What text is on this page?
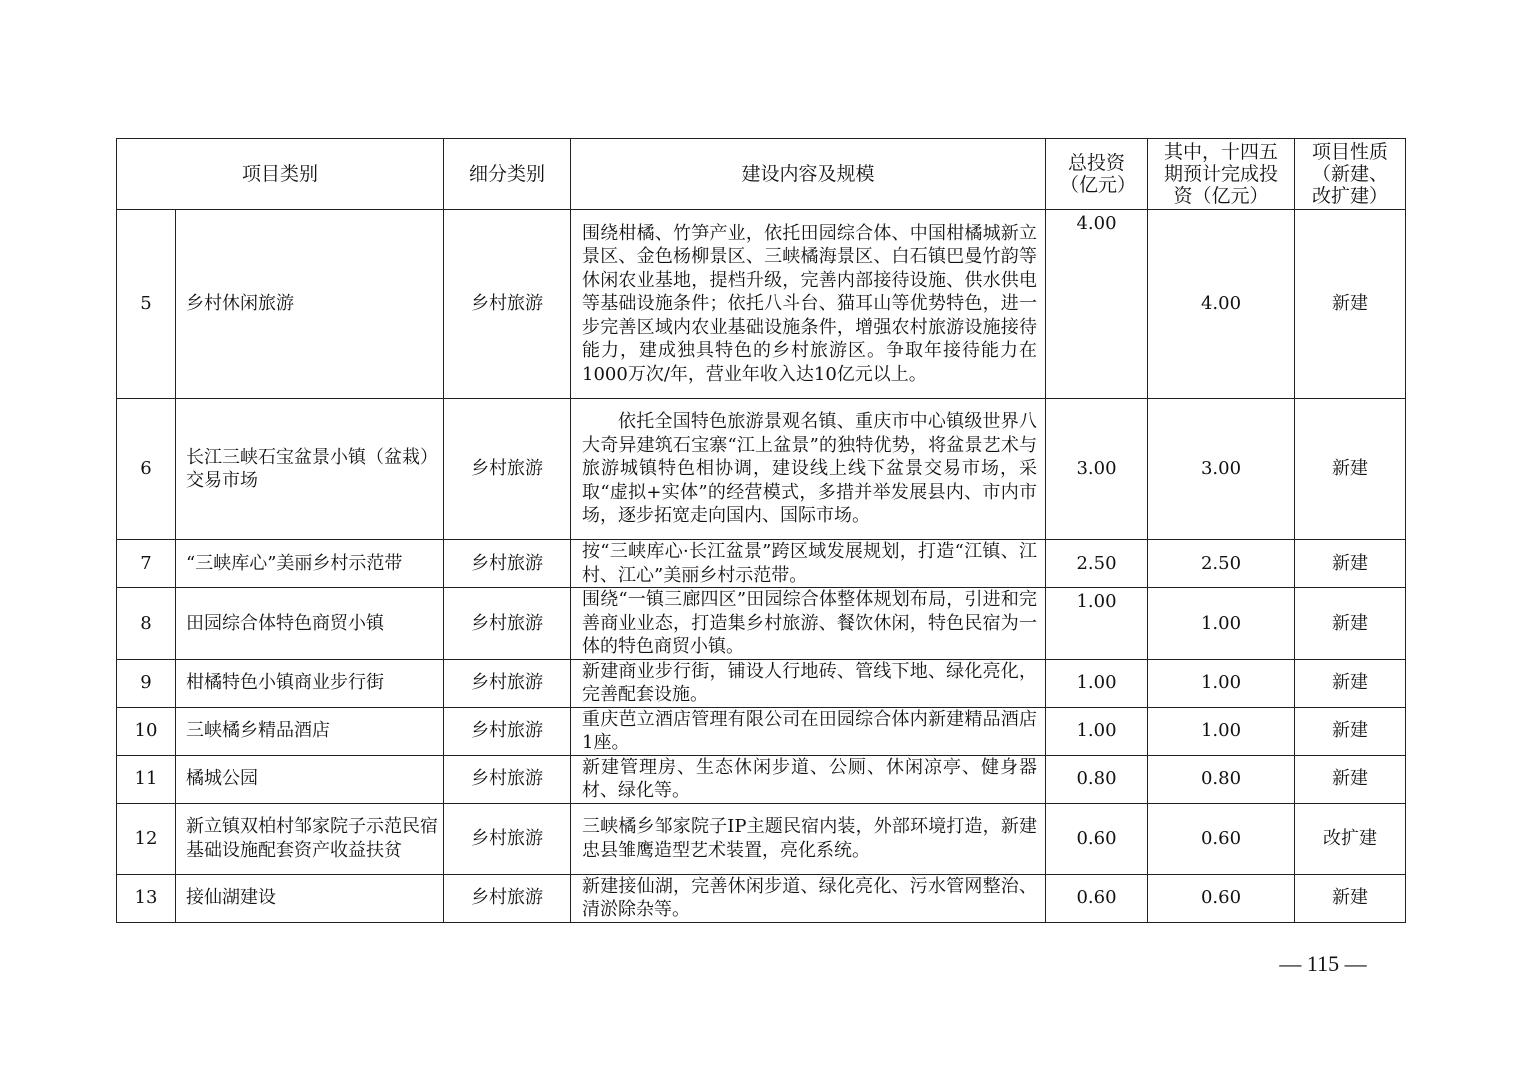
项目类别		细分类别	建设内容及规模	总投资（亿元）	其中，十四五期预计完成投资（亿元）	项目性质（新建、改扩建）
5	乡村休闲旅游	乡村旅游	围绕柑橘、竹笋产业，依托田园综合体、中国柑橘城新立景区、金色杨柳景区、三峡橘海景区、白石镇巴曼竹韵等休闲农业基地，提档升级，完善内部接待设施、供水供电等基础设施条件；依托八斗台、猫耳山等优势特色，进一步完善区域内农业基础设施条件，增强农村旅游设施接待能力，建成独具特色的乡村旅游区。争取年接待能力在1000万次/年，营业年收入达10亿元以上。	4.00	4.00	新建
6	长江三峡石宝盆景小镇（盆栽）交易市场	乡村旅游	依托全国特色旅游景观名镇、重庆市中心镇级世界八大奇异建筑石宝寨“江上盆景”的独特优势，将盆景艺术与旅游城镇特色相协调，建设线上线下盆景交易市场，采取“虚拟+实体”的经营模式，多措并举发展县内、市内市场，逐步拓宽走向国内、国际市场。	3.00	3.00	新建
7	“三峡库心”美丽乡村示范带	乡村旅游	按“三峡库心·长江盆景”跨区域发展规划，打造“江镇、江村、江心”美丽乡村示范带。	2.50	2.50	新建
8	田园综合体特色商贸小镇	乡村旅游	围绕“一镇三廊四区”田园综合体整体规划布局，引进和完善商业业态，打造集乡村旅游、餐饮休闲，特色民宿为一体的特色商贸小镇。	1.00	1.00	新建
9	柑橘特色小镇商业步行街	乡村旅游	新建商业步行街，铺设人行地砖、管线下地、绿化亮化，完善配套设施。	1.00	1.00	新建
10	三峡橘乡精品酒店	乡村旅游	重庆芭立酒店管理有限公司在田园综合体内新建精品酒店1座。	1.00	1.00	新建
11	橘城公园	乡村旅游	新建管理房、生态休闲步道、公厕、休闲凉亭、健身器材、绿化等。	0.80	0.80	新建
12	新立镇双柏村邹家院子示范民宿基础设施配套资产收益扶贫	乡村旅游	三峡橘乡邹家院子IP主题民宿内装，外部环境打造，新建忠县雏鹰造型艺术装置，亮化系统。	0.60	0.60	改扩建
13	接仙湖建设	乡村旅游	新建接仙湖，完善休闲步道、绿化亮化、污水管网整治、清淤除杂等。	0.60	0.60	新建
— 115 —
